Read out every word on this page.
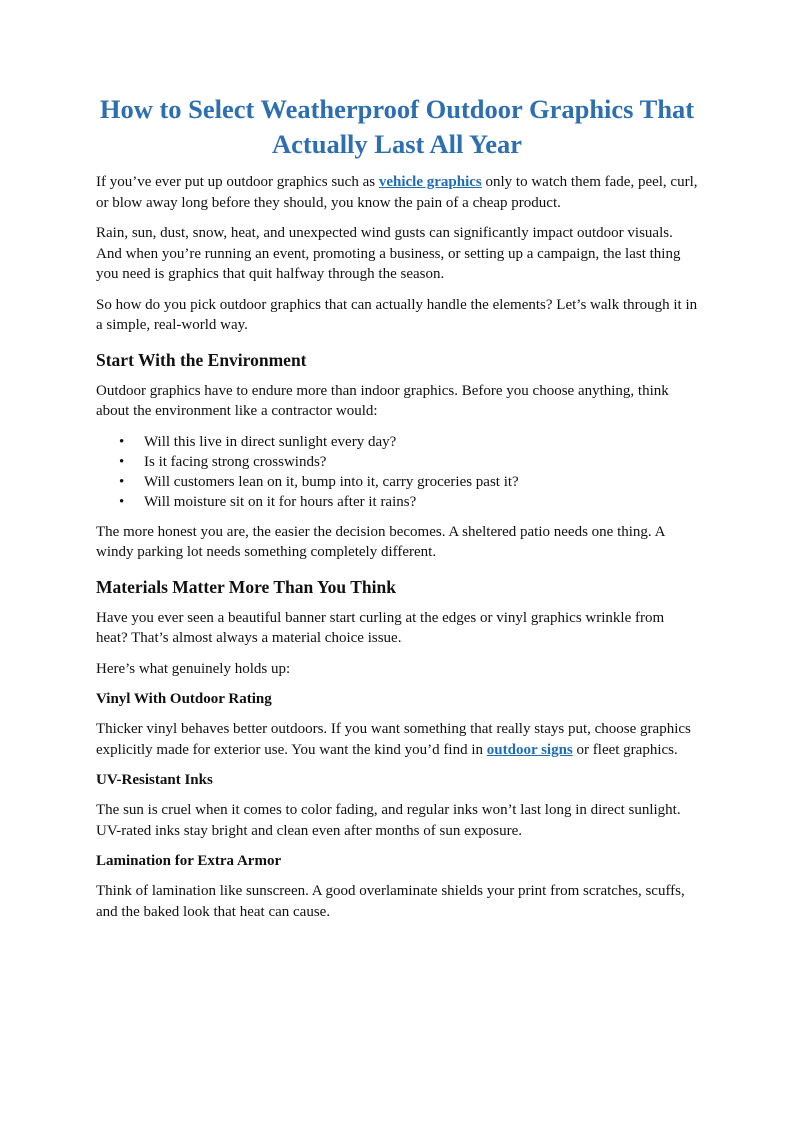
How to Select Weatherproof Outdoor Graphics That Actually Last All Year

If you’ve ever put up outdoor graphics such as vehicle graphics only to watch them fade, peel, curl, or blow away long before they should, you know the pain of a cheap product.

Rain, sun, dust, snow, heat, and unexpected wind gusts can significantly impact outdoor visuals. And when you’re running an event, promoting a business, or setting up a campaign, the last thing you need is graphics that quit halfway through the season.

So how do you pick outdoor graphics that can actually handle the elements? Let’s walk through it in a simple, real-world way.

Start With the Environment

Outdoor graphics have to endure more than indoor graphics. Before you choose anything, think about the environment like a contractor would:

• Will this live in direct sunlight every day?
• Is it facing strong crosswinds?
• Will customers lean on it, bump into it, carry groceries past it?
• Will moisture sit on it for hours after it rains?

The more honest you are, the easier the decision becomes. A sheltered patio needs one thing. A windy parking lot needs something completely different.

Materials Matter More Than You Think

Have you ever seen a beautiful banner start curling at the edges or vinyl graphics wrinkle from heat? That’s almost always a material choice issue.

Here’s what genuinely holds up:

Vinyl With Outdoor Rating

Thicker vinyl behaves better outdoors. If you want something that really stays put, choose graphics explicitly made for exterior use. You want the kind you’d find in outdoor signs or fleet graphics.

UV-Resistant Inks

The sun is cruel when it comes to color fading, and regular inks won’t last long in direct sunlight. UV-rated inks stay bright and clean even after months of sun exposure.

Lamination for Extra Armor

Think of lamination like sunscreen. A good overlaminate shields your print from scratches, scuffs, and the baked look that heat can cause.
